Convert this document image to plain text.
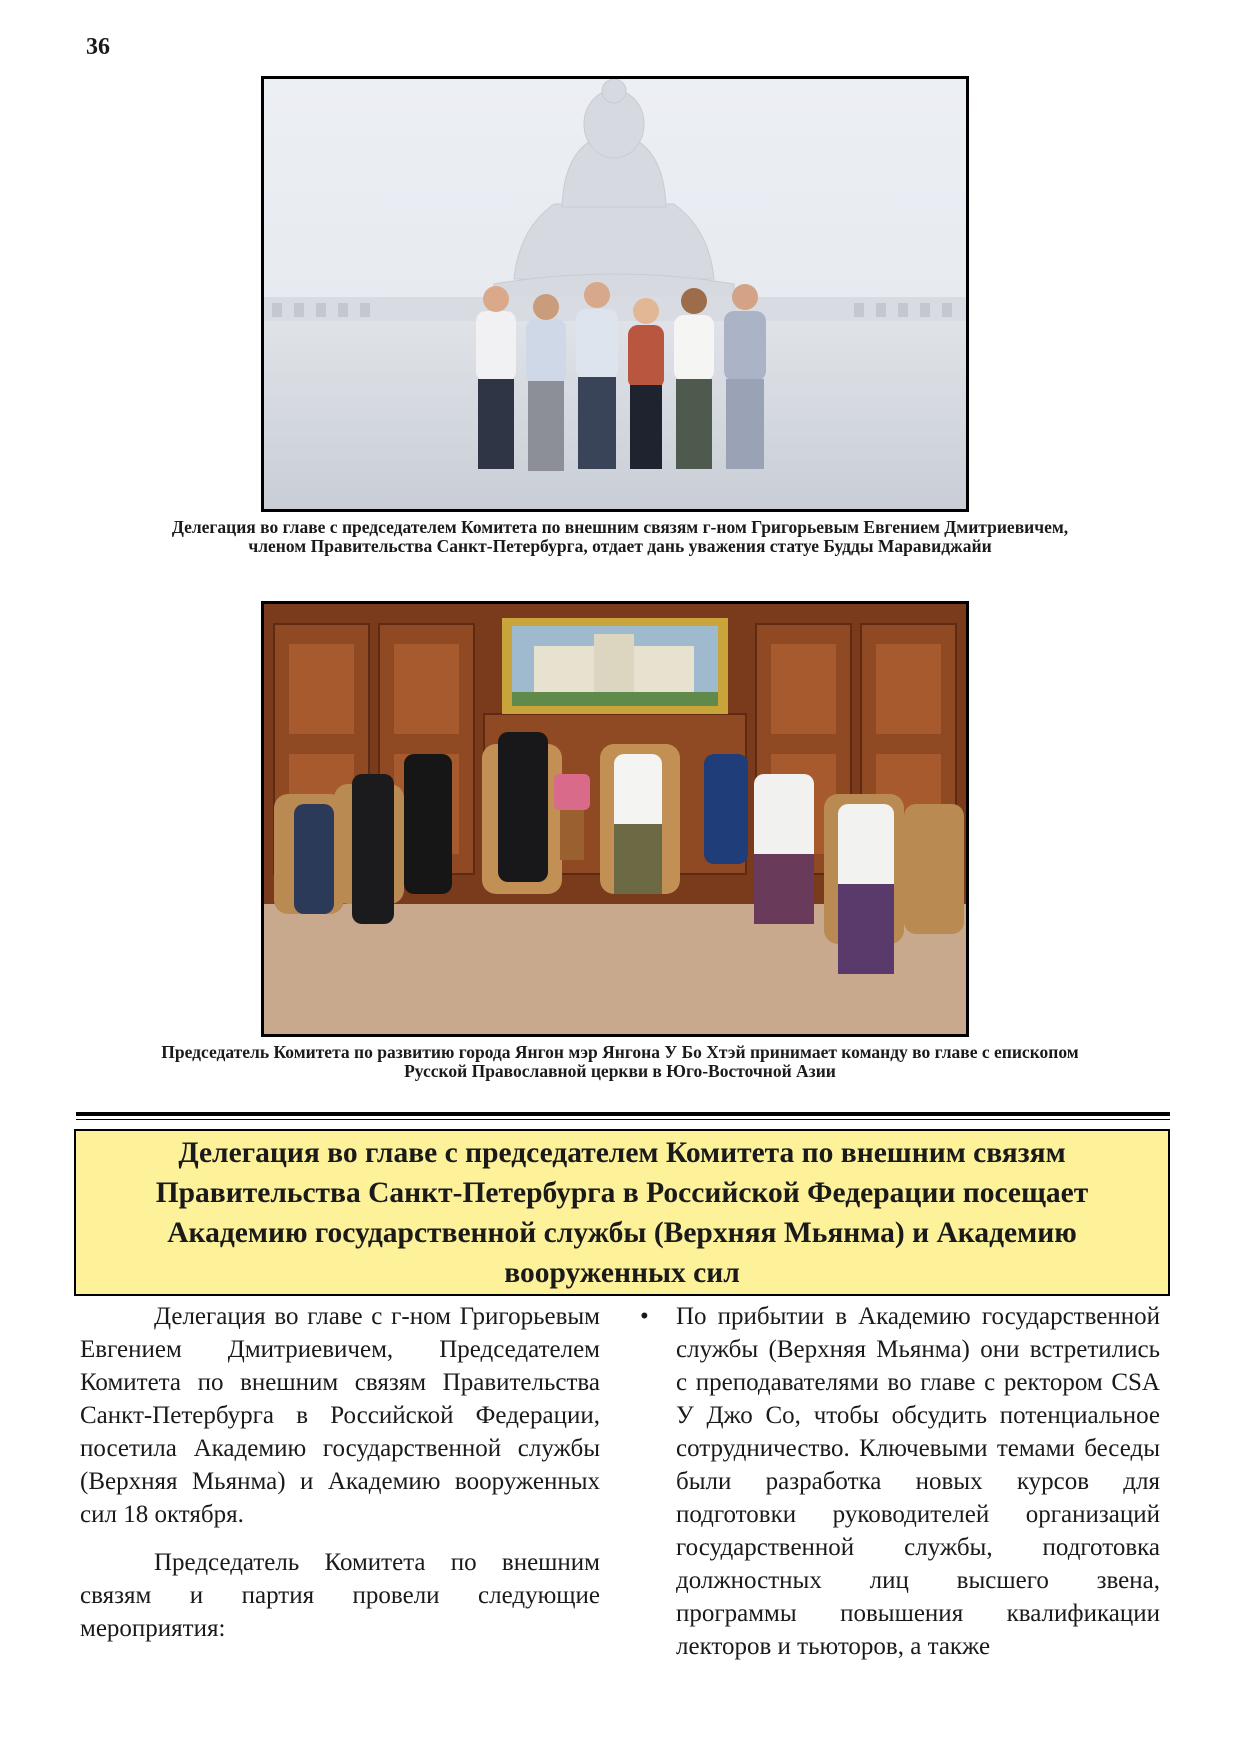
36
Делегация во главе с председателем Комитета по внешним связям г-ном Григорьевым Евгением Дмитриевичем, членом Правительства Санкт-Петербурга, отдает дань уважения статуе Будды Маравиджайи
Председатель Комитета по развитию города Янгон мэр Янгона У Бо Хтэй принимает команду во главе с епископом Русской Православной церкви в Юго-Восточной Азии
Делегация во главе с председателем Комитета по внешним связям Правительства Санкт-Петербурга в Российской Федерации посещает Академию государственной службы (Верхняя Мьянма) и Академию вооруженных сил

Делегация во главе с г-ном Григорьевым Евгением Дмитриевичем, Председателем Комитета по внешним связям Правительства Санкт-Петербурга в Российской Федерации, посетила Академию государственной службы (Верхняя Мьянма) и Академию вооруженных сил 18 октября.

Председатель Комитета по внешним связям и партия провели следующие мероприятия:

• По прибытии в Академию государственной службы (Верхняя Мьянма) они встретились с преподавателями во главе с ректором CSA У Джо Со, чтобы обсудить потенциальное сотрудничество. Ключевыми темами беседы были разработка новых курсов для подготовки руководителей организаций государственной службы, подготовка должностных лиц высшего звена, программы повышения квалификации лекторов и тьюторов, а также
